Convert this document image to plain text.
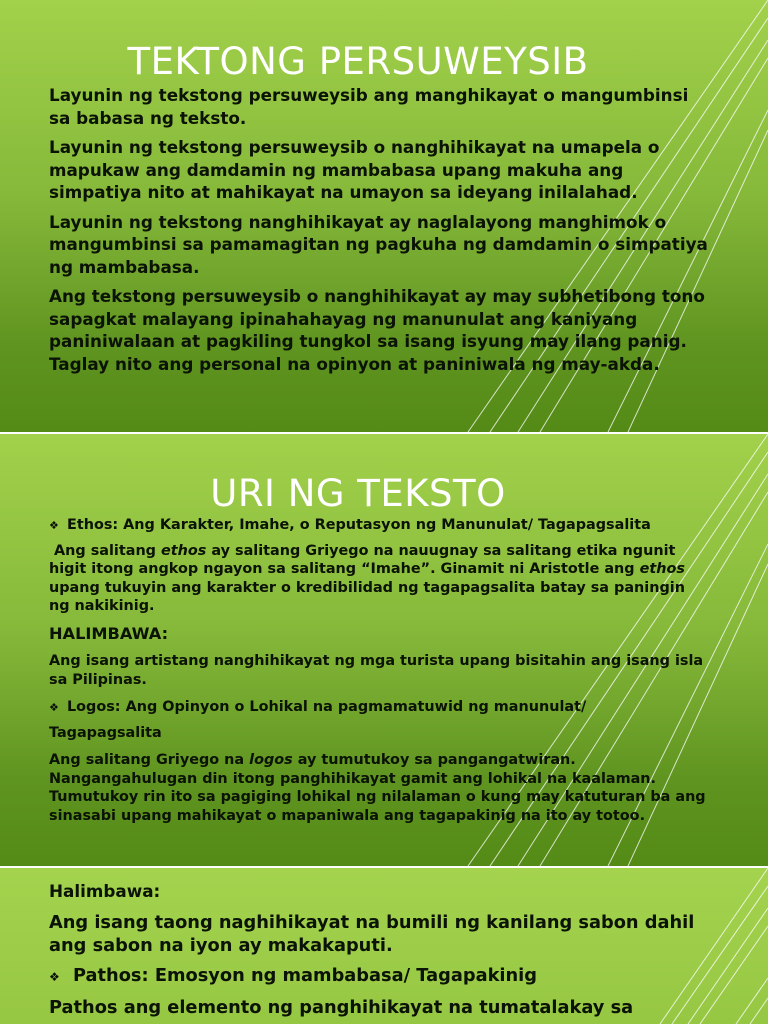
TEKTONG PERSUWEYSIB

Layunin ng tekstong persuweysib ang manghikayat o mangumbinsi sa babasa ng teksto.

Layunin ng tekstong persuweysib o nanghihikayat na umapela o mapukaw ang damdamin ng mambabasa upang makuha ang simpatiya nito at mahikayat na umayon sa ideyang inilalahad.

Layunin ng tekstong nanghihikayat ay naglalayong manghimok o mangumbinsi sa pamamagitan ng pagkuha ng damdamin o simpatiya ng mambabasa.

Ang tekstong persuweysib o nanghihikayat ay may subhetibong tono sapagkat malayang ipinahahayag ng manunulat ang kaniyang paniniwalaan at pagkiling tungkol sa isang isyung may ilang panig. Taglay nito ang personal na opinyon at paniniwala ng may-akda.

URI NG TEKSTO
❖ Ethos: Ang Karakter, Imahe, o Reputasyon ng Manunulat/ Tagapagsalita
Ang salitang ethos ay salitang Griyego na nauugnay sa salitang etika ngunit higit itong angkop ngayon sa salitang “Imahe”. Ginamit ni Aristotle ang ethos upang tukuyin ang karakter o kredibilidad ng tagapagsalita batay sa paningin ng nakikinig.
HALIMBAWA:
Ang isang artistang nanghihikayat ng mga turista upang bisitahin ang isang isla sa Pilipinas.
❖ Logos: Ang Opinyon o Lohikal na pagmamatuwid ng manunulat/
Tagapagsalita
Ang salitang Griyego na logos ay tumutukoy sa pangangatwiran. Nangangahulugan din itong panghihikayat gamit ang lohikal na kaalaman. Tumutukoy rin ito sa pagiging lohikal ng nilalaman o kung may katuturan ba ang sinasabi upang mahikayat o mapaniwala ang tagapakinig na ito ay totoo.

Halimbawa:

Ang isang taong naghihikayat na bumili ng kanilang sabon dahil ang sabon na iyon ay makakaputi.

❖ Pathos: Emosyon ng mambabasa/ Tagapakinig

Pathos ang elemento ng panghihikayat na tumatalakay sa
